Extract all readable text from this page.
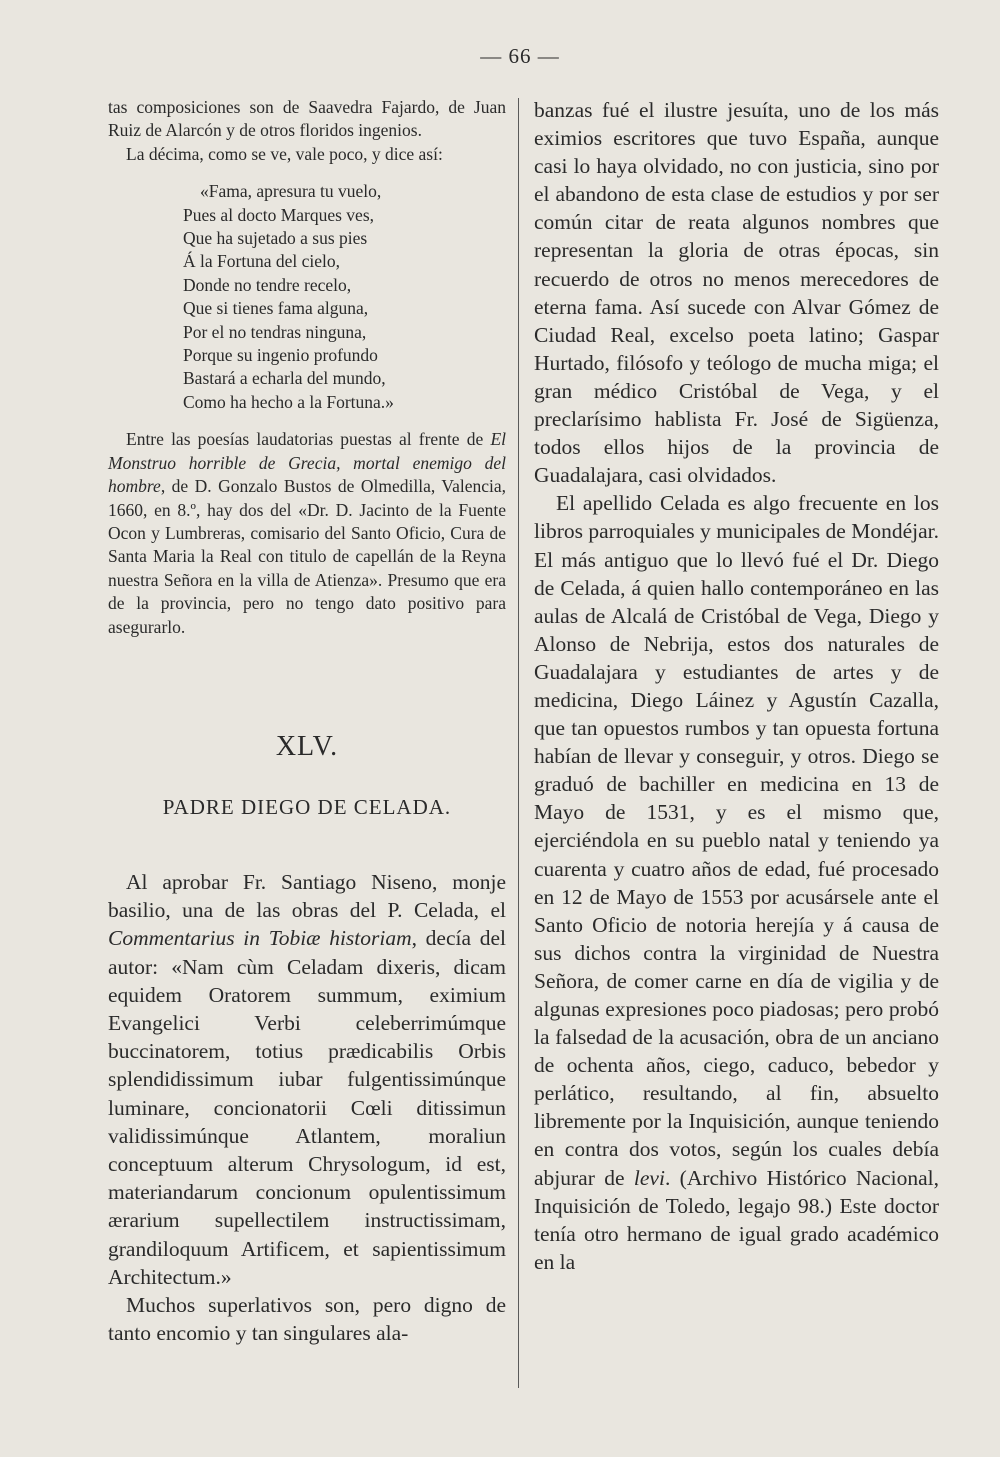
— 66 —

tas composiciones son de Saavedra Fajardo, de Juan Ruiz de Alarcón y de otros floridos ingenios.

La décima, como se ve, vale poco, y dice así:

«Fama, apresura tu vuelo,
Pues al docto Marques ves,
Que ha sujetado a sus pies
Á la Fortuna del cielo,
Donde no tendre recelo,
Que si tienes fama alguna,
Por el no tendras ninguna,
Porque su ingenio profundo
Bastará a echarla del mundo,
Como ha hecho a la Fortuna.»

Entre las poesías laudatorias puestas al frente de El Monstruo horrible de Grecia, mortal enemigo del hombre, de D. Gonzalo Bustos de Olmedilla, Valencia, 1660, en 8.º, hay dos del «Dr. D. Jacinto de la Fuente Ocon y Lumbreras, comisario del Santo Oficio, Cura de Santa Maria la Real con titulo de capellán de la Reyna nuestra Señora en la villa de Atienza». Presumo que era de la provincia, pero no tengo dato positivo para asegurarlo.

XLV.
PADRE DIEGO DE CELADA.

Al aprobar Fr. Santiago Niseno, monje basilio, una de las obras del P. Celada, el Commentarius in Tobiæ historiam, decía del autor: «Nam cùm Celadam dixeris, dicam equidem Oratorem summum, eximium Evangelici Verbi celeberrimúmque buccinatorem, totius prædicabilis Orbis splendidissimum iubar fulgentissimúnque luminare, concionatorii Cœli ditissimun validissimúnque Atlantem, moraliun conceptuum alterum Chrysologum, id est, materiandarum concionum opulentissimum ærarium supellectilem instructissimam, grandiloquum Artificem, et sapientissimum Architectum.»

Muchos superlativos son, pero digno de tanto encomio y tan singulares ala-

banzas fué el ilustre jesuíta, uno de los más eximios escritores que tuvo España, aunque casi lo haya olvidado, no con justicia, sino por el abandono de esta clase de estudios y por ser común citar de reata algunos nombres que representan la gloria de otras épocas, sin recuerdo de otros no menos merecedores de eterna fama. Así sucede con Alvar Gómez de Ciudad Real, excelso poeta latino; Gaspar Hurtado, filósofo y teólogo de mucha miga; el gran médico Cristóbal de Vega, y el preclarísimo hablista Fr. José de Sigüenza, todos ellos hijos de la provincia de Guadalajara, casi olvidados.

El apellido Celada es algo frecuente en los libros parroquiales y municipales de Mondéjar. El más antiguo que lo llevó fué el Dr. Diego de Celada, á quien hallo contemporáneo en las aulas de Alcalá de Cristóbal de Vega, Diego y Alonso de Nebrija, estos dos naturales de Guadalajara y estudiantes de artes y de medicina, Diego Láinez y Agustín Cazalla, que tan opuestos rumbos y tan opuesta fortuna habían de llevar y conseguir, y otros. Diego se graduó de bachiller en medicina en 13 de Mayo de 1531, y es el mismo que, ejerciéndola en su pueblo natal y teniendo ya cuarenta y cuatro años de edad, fué procesado en 12 de Mayo de 1553 por acusársele ante el Santo Oficio de notoria herejía y á causa de sus dichos contra la virginidad de Nuestra Señora, de comer carne en día de vigilia y de algunas expresiones poco piadosas; pero probó la falsedad de la acusación, obra de un anciano de ochenta años, ciego, caduco, bebedor y perlático, resultando, al fin, absuelto libremente por la Inquisición, aunque teniendo en contra dos votos, según los cuales debía abjurar de levi. (Archivo Histórico Nacional, Inquisición de Toledo, legajo 98.) Este doctor tenía otro hermano de igual grado académico en la
